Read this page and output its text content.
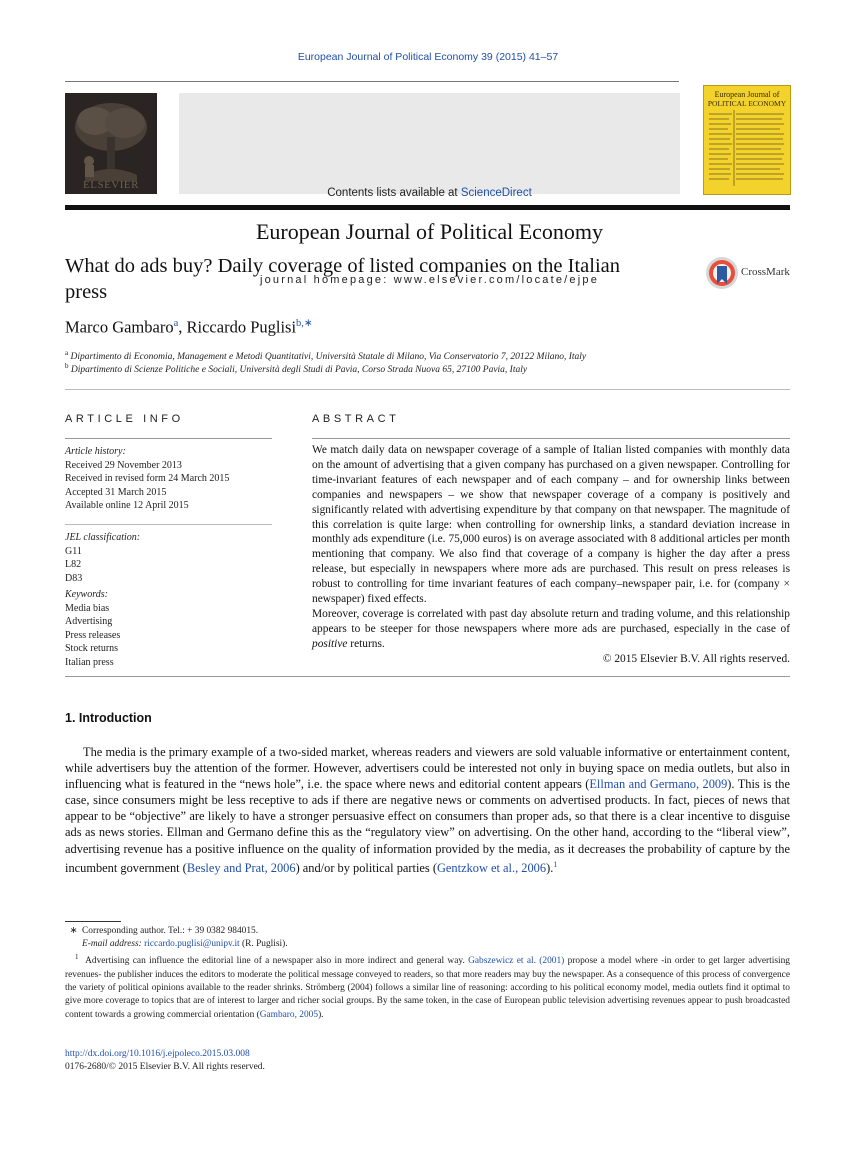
European Journal of Political Economy 39 (2015) 41–57
ELSEVIER
Contents lists available at ScienceDirect
European Journal of Political Economy
journal homepage: www.elsevier.com/locate/ejpe
European Journal of
POLITICAL ECONOMY
What do ads buy? Daily coverage of listed companies on the Italian press
CrossMark
Marco Gambaro$^a$, Riccardo Puglisi$^{b,∗}$
$^a$ Dipartimento di Economia, Management e Metodi Quantitativi, Università Statale di Milano, Via Conservatorio 7, 20122 Milano, Italy
$^b$ Dipartimento di Scienze Politiche e Sociali, Università degli Studi di Pavia, Corso Strada Nuova 65, 27100 Pavia, Italy
ARTICLE INFO
Article history:
Received 29 November 2013
Received in revised form 24 March 2015
Accepted 31 March 2015
Available online 12 April 2015
JEL classification:
G11
L82
D83
Keywords:
Media bias
Advertising
Press releases
Stock returns
Italian press
ABSTRACT

We match daily data on newspaper coverage of a sample of Italian listed companies with monthly data on the amount of advertising that a given company has purchased on a given newspaper. Controlling for time-invariant features of each newspaper and of each company – and for ownership links between companies and newspapers – we show that newspaper coverage of a company is positively and significantly related with advertising expenditure by that company on that newspaper. The magnitude of this correlation is quite large: when controlling for ownership links, a standard deviation increase in monthly ads expenditure (i.e. 75,000 euros) is on average associated with 8 additional articles per month mentioning that company. We also find that coverage of a company is higher the day after a press release, but especially in newspapers where more ads are purchased. This result on press releases is robust to controlling for time invariant features of each company–newspaper pair, i.e. for (company × newspaper) fixed effects.

Moreover, coverage is correlated with past day absolute return and trading volume, and this relationship appears to be steeper for those newspapers where more ads are purchased, especially in the case of positive returns.

© 2015 Elsevier B.V. All rights reserved.

1. Introduction
The media is the primary example of a two-sided market, whereas readers and viewers are sold valuable informative or entertainment content, while advertisers buy the attention of the former. However, advertisers could be interested not only in buying space on media outlets, but also in influencing what is featured in the “news hole”, i.e. the space where news and editorial content appears (Ellman and Germano, 2009). This is the case, since consumers might be less receptive to ads if there are negative news or comments on advertised products. In fact, pieces of news that appear to be “objective” are likely to have a stronger persuasive effect on consumers than proper ads, so that there is a clear incentive to disguise ads as news stories. Ellman and Germano define this as the “regulatory view” on advertising. On the other hand, according to the “liberal view”, advertising revenue has a positive influence on the quality of information provided by the media, as it decreases the probability of capture by the incumbent government (Besley and Prat, 2006) and/or by political parties (Gentzkow et al., 2006).$^1$
∗ Corresponding author. Tel.: + 39 0382 984015.
E-mail address: riccardo.puglisi@unipv.it (R. Puglisi).
$^1$ Advertising can influence the editorial line of a newspaper also in more indirect and general way. Gabszewicz et al. (2001) propose a model where -in order to get larger advertising revenues- the publisher induces the editors to moderate the political message conveyed to readers, so that more readers may buy the newspaper. As a consequence of this process of convergence the variety of political opinions available to the reader shrinks. Strömberg (2004) follows a similar line of reasoning: according to his political economy model, media outlets find it optimal to give more coverage to topics that are of interest to larger and richer social groups. By the same token, in the case of European public television advertising revenues appear to push broadcasted content towards a growing commercial orientation (Gambaro, 2005).
http://dx.doi.org/10.1016/j.ejpoleco.2015.03.008
0176-2680/© 2015 Elsevier B.V. All rights reserved.
